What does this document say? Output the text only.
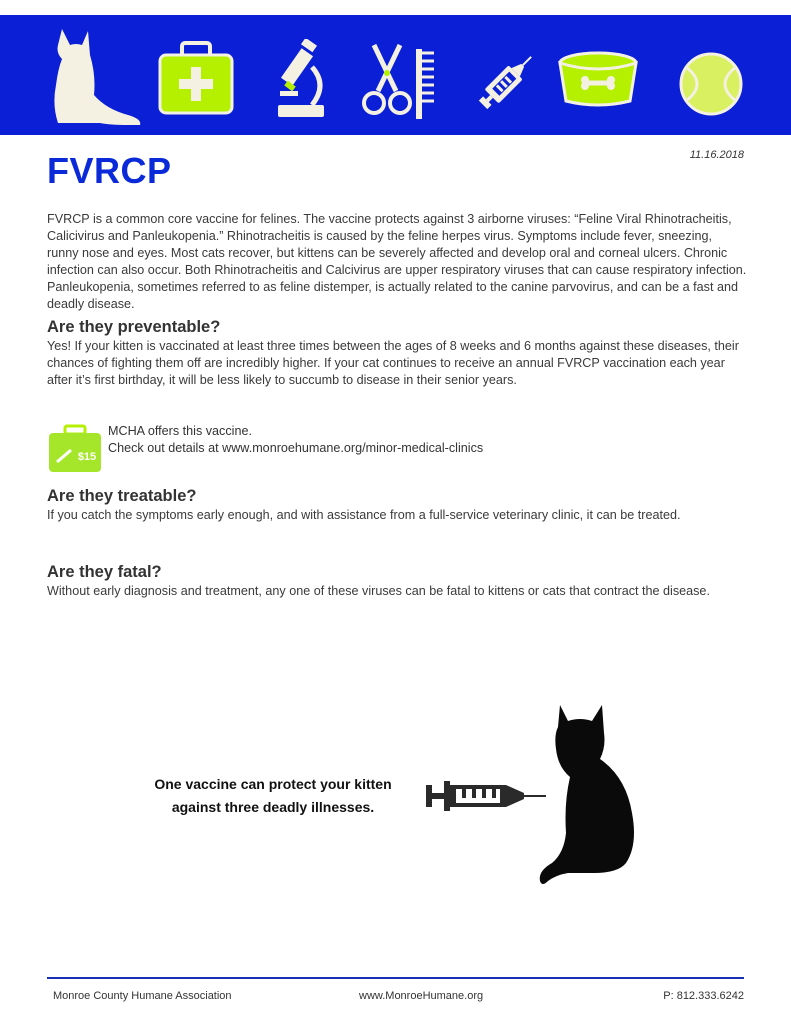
11.16.2018
FVRCP

FVRCP is a common core vaccine for felines. The vaccine protects against 3 airborne viruses: “Feline Viral Rhinotracheitis, Calicivirus and Panleukopenia.” Rhinotracheitis is caused by the feline herpes virus. Symptoms include fever, sneezing, runny nose and eyes. Most cats recover, but kittens can be severely affected and develop oral and corneal ulcers. Chronic infection can also occur. Both Rhinotracheitis and Calcivirus are upper respiratory viruses that can cause respiratory infection. Panleukopenia, sometimes referred to as feline distemper, is actually related to the canine parvovirus, and can be a fast and deadly disease.

Are they preventable?

Yes! If your kitten is vaccinated at least three times between the ages of 8 weeks and 6 months against these diseases, their chances of fighting them off are incredibly higher. If your cat continues to receive an annual FVRCP vaccination each year after it’s first birthday, it will be less likely to succumb to disease in their senior years.

$15
MCHA offers this vaccine.
Check out details at www.monroehumane.org/minor-medical-clinics
Are they treatable?

If you catch the symptoms early enough, and with assistance from a full-service veterinary clinic, it can be treated.

Are they fatal?

Without early diagnosis and treatment, any one of these viruses can be fatal to kittens or cats that contract the disease.

One vaccine can protect your kitten
against three deadly illnesses.
Monroe County Humane Association	www.MonroeHumane.org	P: 812.333.6242
